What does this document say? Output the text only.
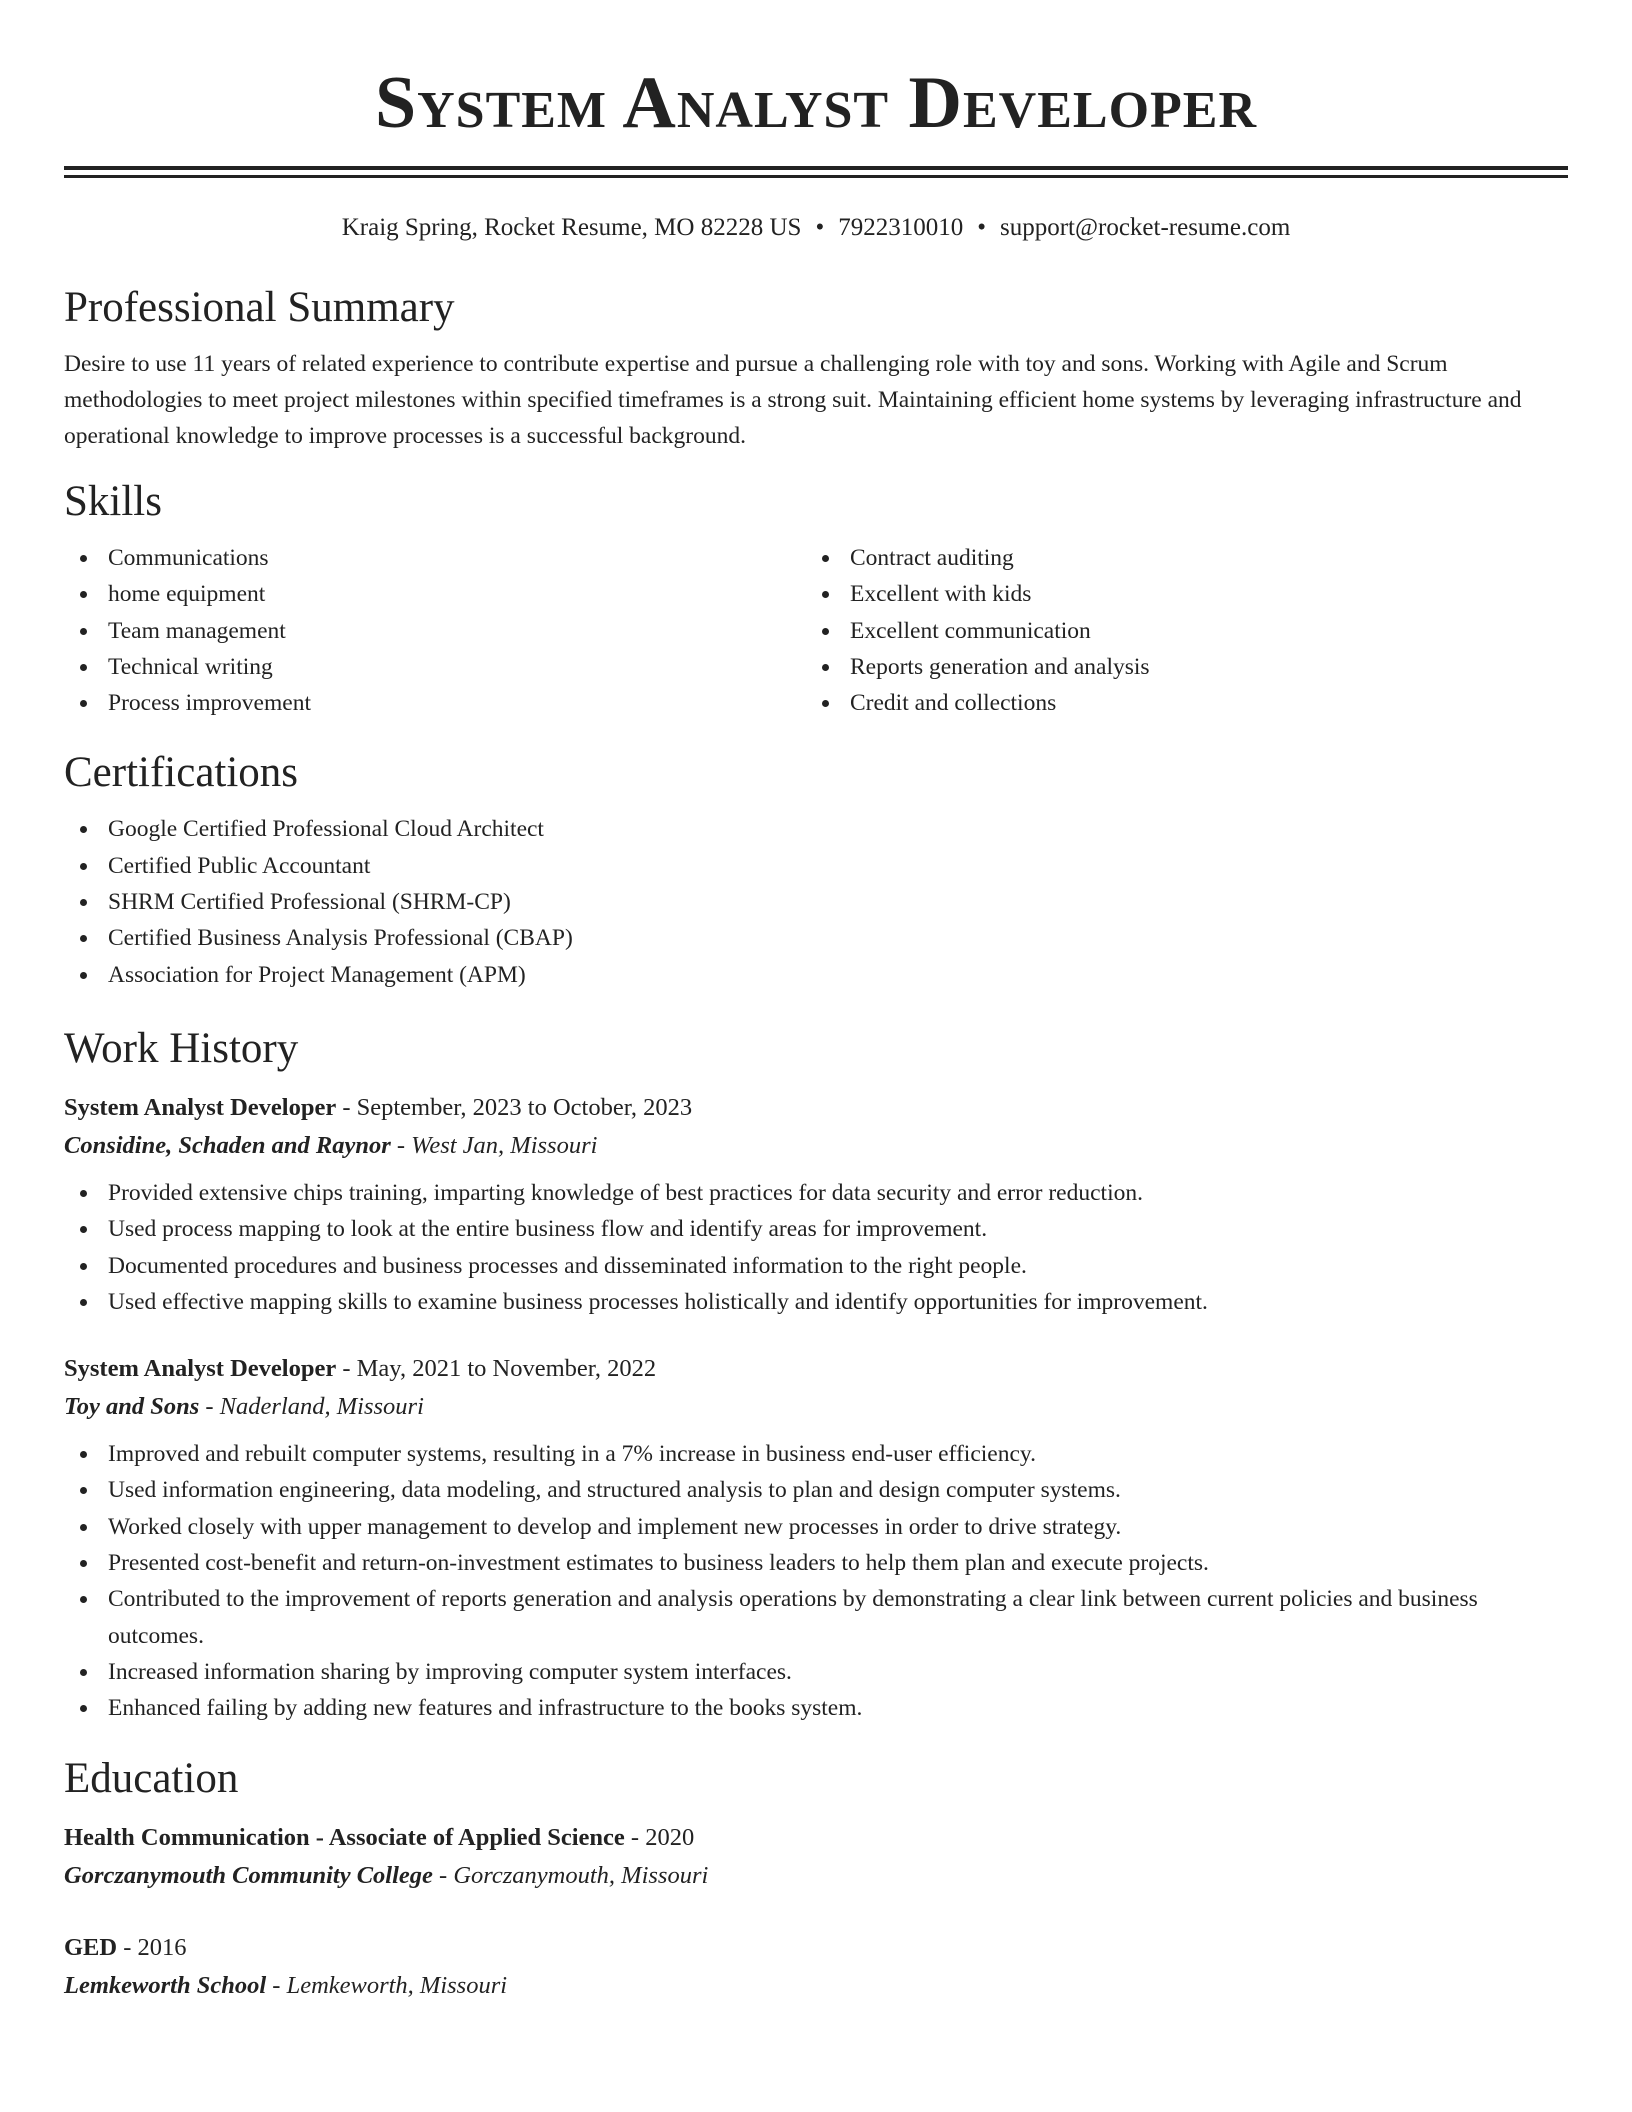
System Analyst Developer
Kraig Spring, Rocket Resume, MO 82228 US • 7922310010 • support@rocket-resume.com
Professional Summary

Desire to use 11 years of related experience to contribute expertise and pursue a challenging role with toy and sons. Working with Agile and Scrum methodologies to meet project milestones within specified timeframes is a strong suit. Maintaining efficient home systems by leveraging infrastructure and operational knowledge to improve processes is a successful background.

Skills
Communications
home equipment
Team management
Technical writing
Process improvement
Contract auditing
Excellent with kids
Excellent communication
Reports generation and analysis
Credit and collections
Certifications
Google Certified Professional Cloud Architect
Certified Public Accountant
SHRM Certified Professional (SHRM-CP)
Certified Business Analysis Professional (CBAP)
Association for Project Management (APM)
Work History
System Analyst Developer - September, 2023 to October, 2023
Considine, Schaden and Raynor - West Jan, Missouri
Provided extensive chips training, imparting knowledge of best practices for data security and error reduction.
Used process mapping to look at the entire business flow and identify areas for improvement.
Documented procedures and business processes and disseminated information to the right people.
Used effective mapping skills to examine business processes holistically and identify opportunities for improvement.
System Analyst Developer - May, 2021 to November, 2022
Toy and Sons - Naderland, Missouri
Improved and rebuilt computer systems, resulting in a 7% increase in business end-user efficiency.
Used information engineering, data modeling, and structured analysis to plan and design computer systems.
Worked closely with upper management to develop and implement new processes in order to drive strategy.
Presented cost-benefit and return-on-investment estimates to business leaders to help them plan and execute projects.
Contributed to the improvement of reports generation and analysis operations by demonstrating a clear link between current policies and business outcomes.
Increased information sharing by improving computer system interfaces.
Enhanced failing by adding new features and infrastructure to the books system.
Education
Health Communication - Associate of Applied Science - 2020
Gorczanymouth Community College - Gorczanymouth, Missouri
GED - 2016
Lemkeworth School - Lemkeworth, Missouri
